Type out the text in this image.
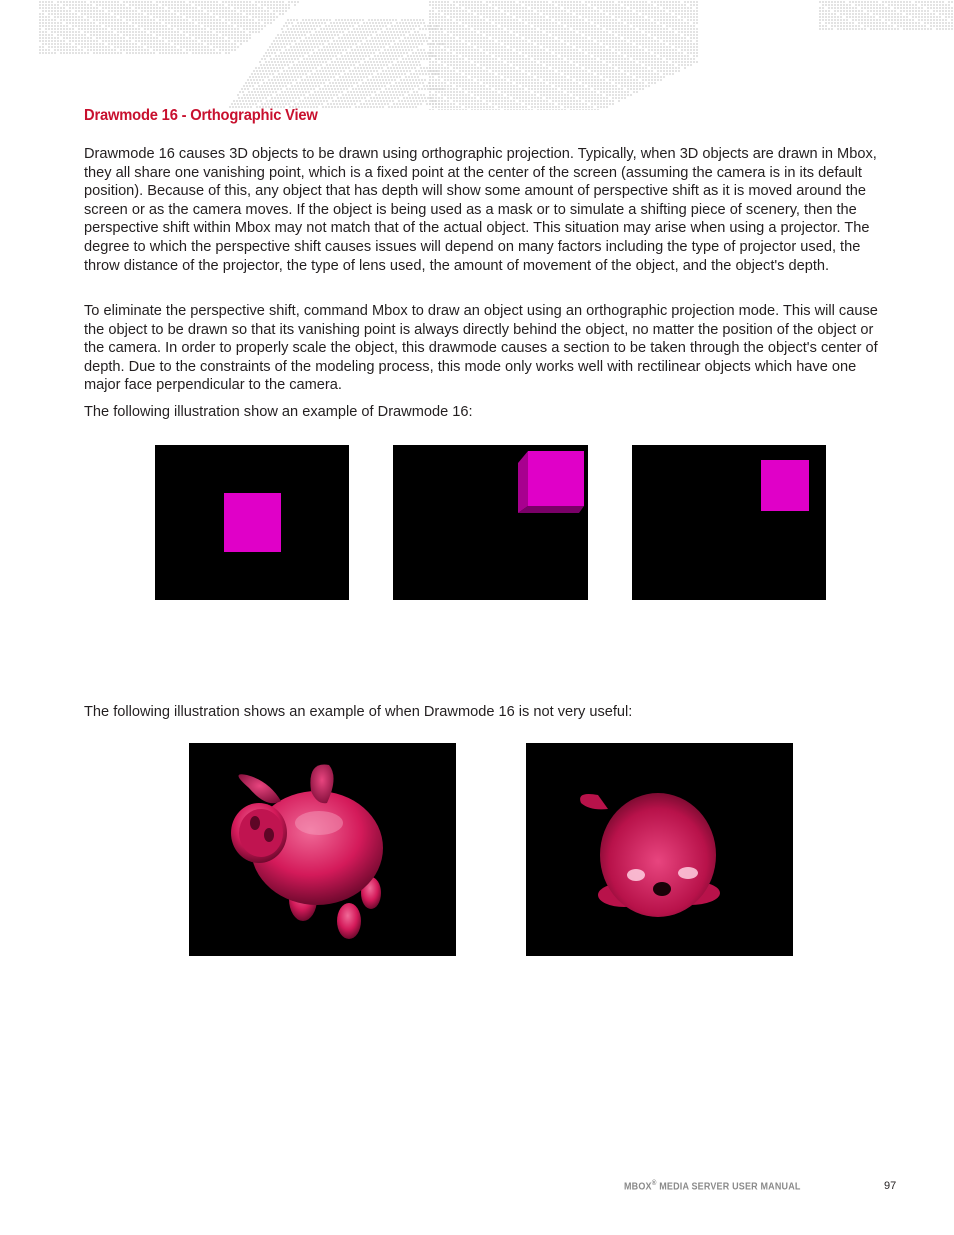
Drawmode 16 - Orthographic View

Drawmode 16 causes 3D objects to be drawn using orthographic projection. Typically, when 3D objects are drawn in Mbox, they all share one vanishing point, which is a fixed point at the center of the screen (assuming the camera is in its default position). Because of this, any object that has depth will show some amount of perspective shift as it is moved around the screen or as the camera moves. If the object is being used as a mask or to simulate a shifting piece of scenery, then the perspective shift within Mbox may not match that of the actual object. This situation may arise when using a projector. The degree to which the perspective shift causes issues will depend on many factors including the type of projector used, the throw distance of the projector, the type of lens used, the amount of movement of the object, and the object's depth.

To eliminate the perspective shift, command Mbox to draw an object using an orthographic projection mode. This will cause the object to be drawn so that its vanishing point is always directly behind the object, no matter the position of the object or the camera. In order to properly scale the object, this drawmode causes a section to be taken through the object's center of depth. Due to the constraints of the modeling process, this mode only works well with rectilinear objects which have one major face perpendicular to the camera.

The following illustration show an example of Drawmode 16:

The following illustration shows an example of when Drawmode 16 is not very useful:

MBOX® MEDIA SERVER USER MANUAL	97
